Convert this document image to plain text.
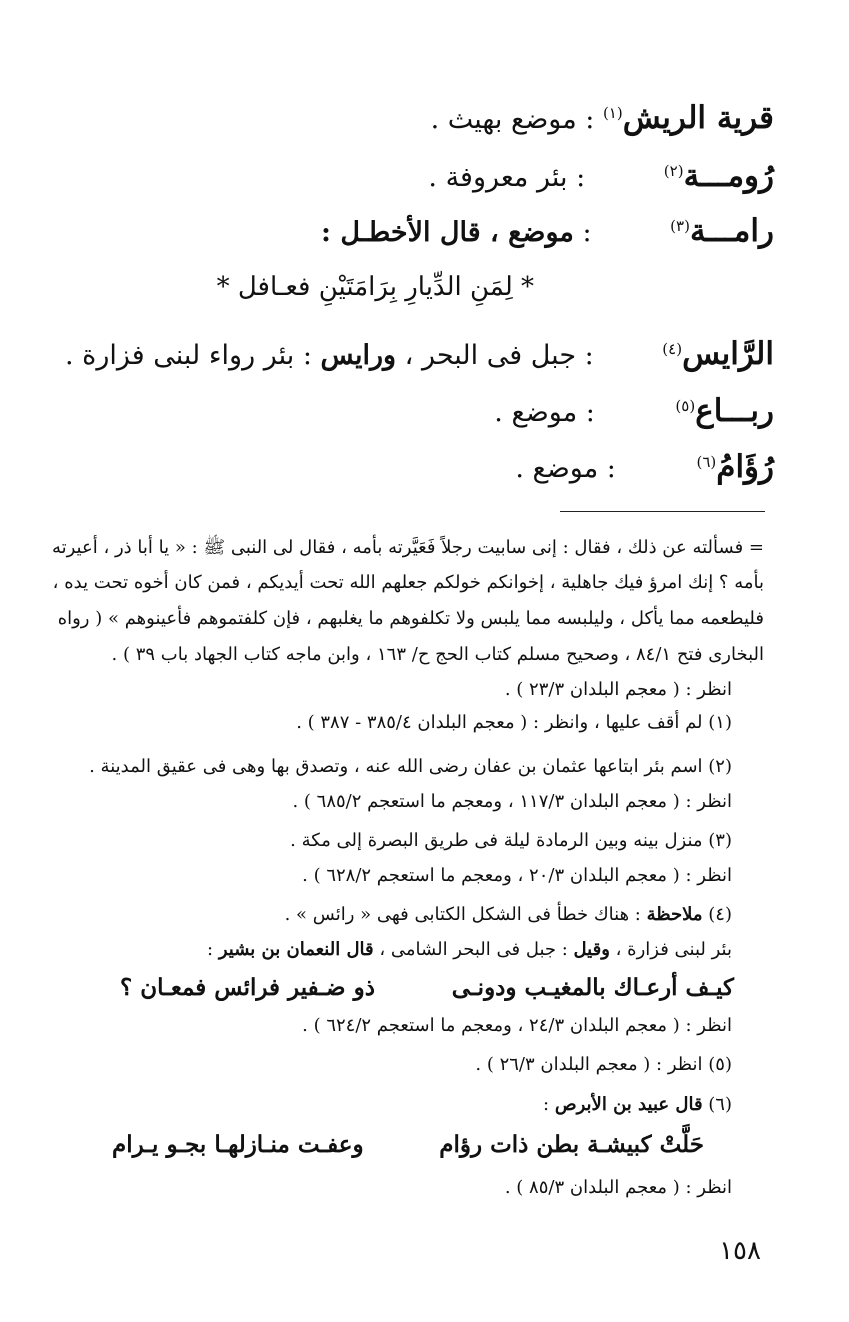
قرية الريش$^{(١)}$ : موضع بهيث .
رُومـــة$^{(٢)}$ : بئر معروفة .
رامـــة$^{(٣)}$ : موضع ، قال الأخطـل :
* لِمَنِ الدِّيارِ بِرَامَتَيْنِ فعـافل *
الرَّايس$^{(٤)}$ : جبل فى البحر ، ورايس : بئر رواء لبنى فزارة .
ربـــاع$^{(٥)}$ : موضع .
رُؤَامُ$^{(٦)}$ : موضع .
= فسألته عن ذلك ، فقال : إنى سابيت رجلاً فَعَيَّرته بأمه ، فقال لى النبى ﷺ : « يا أبا ذر ، أعيرته
بأمه ؟ إنك امرؤ فيك جاهلية ، إخوانكم خولكم جعلهم الله تحت أيديكم ، فمن كان أخوه تحت يده ،
فليطعمه مما يأكل ، وليلبسه مما يلبس ولا تكلفوهم ما يغلبهم ، فإن كلفتموهم فأعينوهم » ( رواه
البخارى فتح ٨٤/١ ، وصحيح مسلم كتاب الحج ح/ ١٦٣ ، وابن ماجه كتاب الجهاد باب ٣٩ ) .
انظر : ( معجم البلدان ٢٣/٣ ) .
(١) لم أقف عليها ، وانظر : ( معجم البلدان ٣٨٥/٤ - ٣٨٧ ) .
(٢) اسم بئر ابتاعها عثمان بن عفان رضى الله عنه ، وتصدق بها وهى فى عقيق المدينة .
انظر : ( معجم البلدان ١١٧/٣ ، ومعجم ما استعجم ٦٨٥/٢ ) .
(٣) منزل بينه وبين الرمادة ليلة فى طريق البصرة إلى مكة .
انظر : ( معجم البلدان ٢٠/٣ ، ومعجم ما استعجم ٦٢٨/٢ ) .
(٤) ملاحظة : هناك خطأ فى الشكل الكتابى فهى « رائس » .
بئر لبنى فزارة ، وقيل : جبل فى البحر الشامى ، قال النعمان بن بشير :
كيـف أرعـاك بالمغيـب ودونـى
ذو ضـفير فرائس فمعـان ؟
انظر : ( معجم البلدان ٢٤/٣ ، ومعجم ما استعجم ٦٢٤/٢ ) .
(٥) انظر : ( معجم البلدان ٢٦/٣ ) .
(٦) قال عبيد بن الأبرص :
حَلَّتْ كبيشـة بطن ذات رؤام
وعفـت منـازلهـا بجـو يـرام
انظر : ( معجم البلدان ٨٥/٣ ) .
١٥٨
